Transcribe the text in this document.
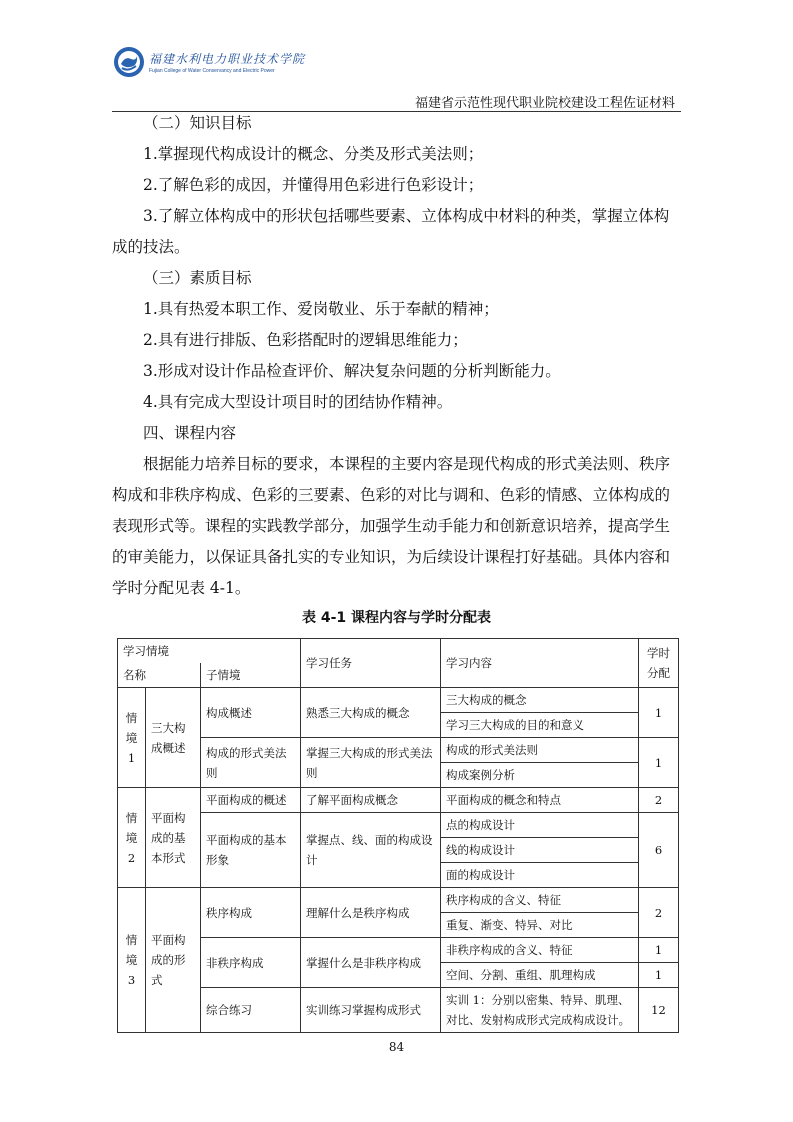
福建水利电力职业技术学院
Fujian College of Water Conservancy and Electric Power
福建省示范性现代职业院校建设工程佐证材料

（二）知识目标

1.掌握现代构成设计的概念、分类及形式美法则；

2.了解色彩的成因，并懂得用色彩进行色彩设计；

3.了解立体构成中的形状包括哪些要素、立体构成中材料的种类，掌握立体构成的技法。

（三）素质目标

1.具有热爱本职工作、爱岗敬业、乐于奉献的精神；

2.具有进行排版、色彩搭配时的逻辑思维能力；

3.形成对设计作品检查评价、解决复杂问题的分析判断能力。

4.具有完成大型设计项目时的团结协作精神。

四、课程内容

根据能力培养目标的要求，本课程的主要内容是现代构成的形式美法则、秩序构成和非秩序构成、色彩的三要素、色彩的对比与调和、色彩的情感、立体构成的表现形式等。课程的实践教学部分，加强学生动手能力和创新意识培养，提高学生的审美能力，以保证具备扎实的专业知识，为后续设计课程打好基础。具体内容和学时分配见表 4-1。

表 4-1 课程内容与学时分配表
学习情境			学习任务	学习内容	学时分配
名称		子情境			
情境1	三大构成概述	构成概述	熟悉三大构成的概念	三大构成的概念	1
				学习三大构成的目的和意义	
		构成的形式美法则	掌握三大构成的形式美法则	构成的形式美法则	1
				构成案例分析	
情境2	平面构成的基本形式	平面构成的概述	了解平面构成概念	平面构成的概念和特点	2
		平面构成的基本形象	掌握点、线、面的构成设计	点的构成设计	6
				线的构成设计	
				面的构成设计	
情境3	平面构成的形式	秩序构成	理解什么是秩序构成	秩序构成的含义、特征	2
				重复、渐变、特异、对比	
		非秩序构成	掌握什么是非秩序构成	非秩序构成的含义、特征	1
				空间、分割、重组、肌理构成	1
		综合练习	实训练习掌握构成形式	实训 1：分别以密集、特异、肌理、对比、发射构成形式完成构成设计。	12
84
